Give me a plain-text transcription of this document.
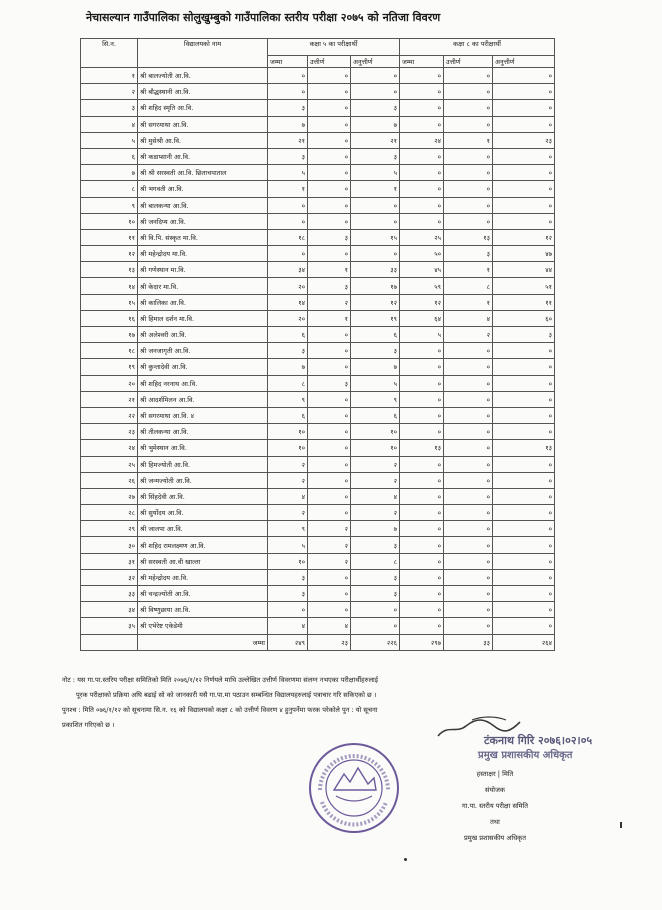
नेचासल्यान गाउँपालिका सोलुखुम्बुको गाउँपालिका स्तरीय परीक्षा २०७५ को नतिजा विवरण
सि.न.	विद्यालयको नाम	कक्षा ५ का परीक्षार्थी			कक्षा ८ का परीक्षार्थी		
		जम्मा	उत्तीर्ण	अनुत्तीर्ण	जम्मा	उत्तीर्ण	अनुत्तीर्ण
१	श्री बालज्योती आ.वि.	०	०	०	०	०	०
२	श्री बौद्धस्थानी आ.वि.	०	०	०	०	०	०
३	श्री शहिद स्मृति आ.वि.	३	०	३	०	०	०
४	श्री सगरमाथा आ.वि.	७	०	७	०	०	०
५	श्री मुसेश्री आ.वि.	२१	०	२१	२४	१	२३
६	श्री कडाप्सानी आ.वि.	३	०	३	०	०	०
७	श्री श्री सरस्वती आ.वि. छिताचपाताल	५	०	५	०	०	०
८	श्री भगवती आ.वि.	१	०	१	०	०	०
९	श्री बालकन्या आ.वि.	०	०	०	०	०	०
१०	श्री जनदिप्य आ.वि.	०	०	०	०	०	०
११	श्री वि.पि. संस्कृत मा.वि.	१८	३	१५	२५	१३	१२
१२	श्री महेन्द्रोदय मा.वि.	०	०	०	५०	३	४७
१३	श्री गणेस्थान मा.वि.	३४	१	३३	४५	१	४४
१४	श्री केदार मा.वि.	२०	३	१७	५९	८	५१
१५	श्री कालिका आ.वि.	१४	२	१२	१२	१	११
१६	श्री हिमाल दर्शन मा.वि.	२०	१	१९	६४	४	६०
१७	श्री अलेश्वरी आ.वि.	६	०	६	५	२	३
१८	श्री जनजागृती आ.वि.	३	०	३	०	०	०
१९	श्री कुन्तादेवी आ.वि.	७	०	७	०	०	०
२०	श्री शहिद नरनाथ आ.वि.	८	३	५	०	०	०
२१	श्री आदर्शमिलन आ.वि.	९	०	९	०	०	०
२२	श्री सगरमाथा आ.वि. ४	६	०	६	०	०	०
२३	श्री तीलकन्या आ.वि.	१०	०	१०	०	०	०
२४	श्री भुमेस्थान आ.वि.	१०	०	१०	१३	०	१३
२५	श्री हिमज्योती आ.वि.	२	०	२	०	०	०
२६	श्री जन्मज्योती आ.वि.	२	०	२	०	०	०
२७	श्री सिंहदेवी आ.वि.	४	०	४	०	०	०
२८	श्री सुर्योदय आ.वि.	२	०	२	०	०	०
२९	श्री जालपा आ.वि.	९	२	७	०	०	०
३०	श्री शहिद रामलक्ष्मण आ.वि.	५	२	३	०	०	०
३१	श्री सरस्वती आ.वी खाल्ता	१०	२	८	०	०	०
३२	श्री महेन्द्रोदय आ.वि.	३	०	३	०	०	०
३३	श्री चन्द्रज्योती आ.वि.	३	०	३	०	०	०
३४	श्री विष्णुछाया आ.वि.	०	०	०	०	०	०
३५	श्री एभेरेष्ट एकेडेमी	४	४	०	०	०	०
	जम्मा	२४९	२३	२२६	२९७	३३	२६४

नोट : यस गा.पा.स्तरिय परीक्षा समितिको मिति २०७६/१/१२ निर्णयले माथि उल्लेखित उत्तीर्ण विवरणमा संलग्न नभएका परीक्षार्थीहरुलाई

पूरक परीक्षाको प्रक्रिया अघि बढाई सो को जानकारी यसै गा.पा.मा पठाउन सम्बन्धित विद्यालयहरुलाई पत्राचार गरि सकिएको छ ।

पुनश्च : मिति ०७६/१/१२ को सूचनामा सि.न. १६ को विद्यालयको कक्षा ८ को उत्तीर्ण विवरण ४ हुनुपर्नेमा फरक परेकोले पुन : यो सूचना

प्रकाशित गरिएको छ ।

टंकनाथ गिरि २०७६।०२।०५
प्रमुख प्रशासकीय अधिकृत
हस्ताक्षर | मिति
संयोजक
गा.पा. स्तरीय परीक्षा समिति
तथा
प्रमुख प्रशासकीय अधिकृत
